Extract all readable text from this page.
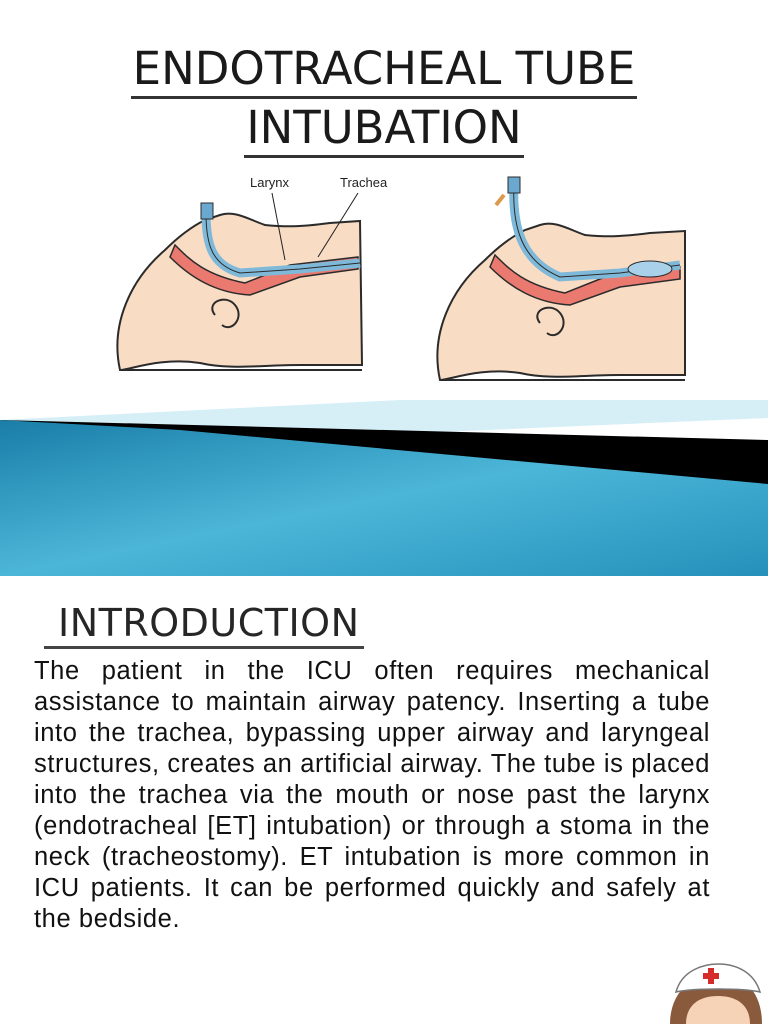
ENDOTRACHEAL TUBE
INTUBATION
Larynx	Trachea
INTRODUCTION
The patient in the ICU often requires mechanical assistance to maintain airway patency. Inserting a tube into the trachea, bypassing upper airway and laryngeal structures, creates an artificial airway. The tube is placed into the trachea via the mouth or nose past the larynx (endotracheal [ET] intubation) or through a stoma in the neck (tracheostomy). ET intubation is more common in ICU patients. It can be performed quickly and safely at the bedside.
